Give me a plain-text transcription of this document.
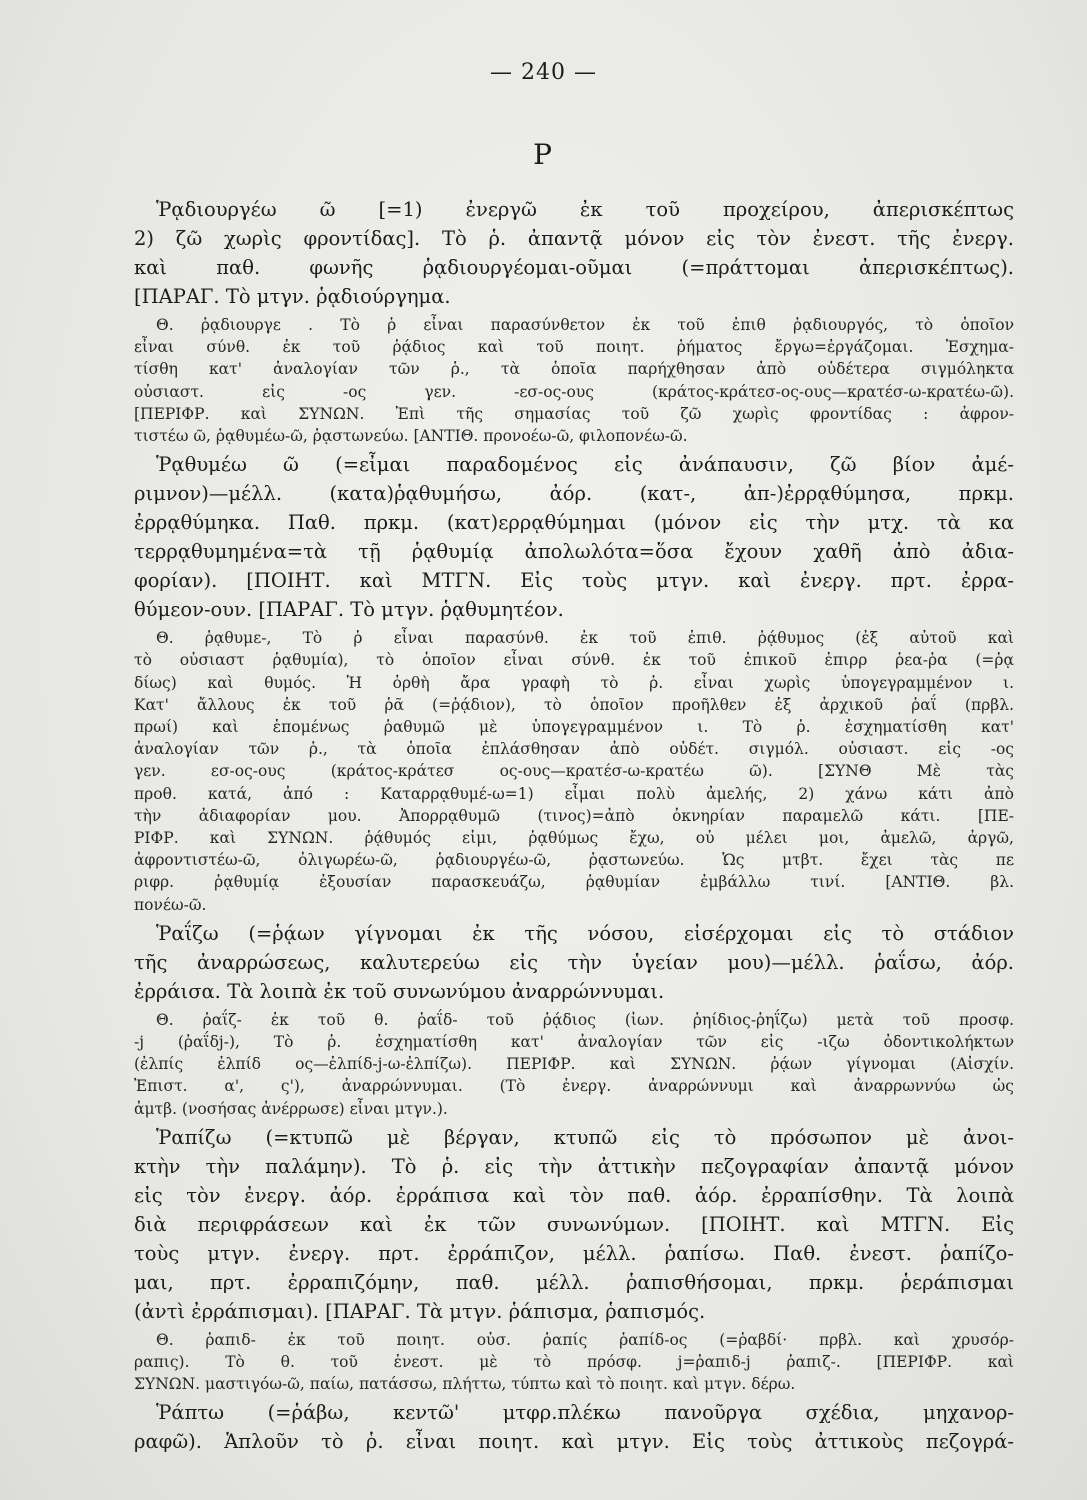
— 240 —
P
Ῥᾳδιουργέω ῶ [=1) ἐνεργῶ ἐκ τοῦ προχείρου, ἀπερισκέπτως
2) ζῶ χωρὶς φροντίδας]. Τὸ ῥ. ἀπαντᾷ μόνον εἰς τὸν ἐνεστ. τῆς ἐνεργ.
καὶ παθ. φωνῆς ῥᾳδιουργέομαι-οῦμαι (=πράττομαι ἀπερισκέπτως).
[ΠΑΡΑΓ. Τὸ μτγν. ῥᾳδιούργημα.
Θ. ῥᾳδιουργε . Τὸ ῥ εἶναι παρασύνθετον ἐκ τοῦ ἐπιθ ῥᾳδιουργός, τὸ ὁποῖον
εἶναι σύνθ. ἐκ τοῦ ῥᾴδιος καὶ τοῦ ποιητ. ῥήματος ἔργω=ἐργάζομαι. Ἐσχημα-
τίσθη κατ' ἀναλογίαν τῶν ῥ., τὰ ὁποῖα παρήχθησαν ἀπὸ οὐδέτερα σιγμόληκτα
οὐσιαστ. εἰς -ος γεν. -εσ-ος-ους (κράτος-κράτεσ-ος-ους—κρατέσ-ω-κρατέω-ῶ).
[ΠΕΡΙΦΡ. καὶ ΣΥΝΩΝ. Ἐπὶ τῆς σημασίας τοῦ ζῶ χωρὶς φροντίδας : ἀφρον-
τιστέω ῶ, ῥᾳθυμέω-ῶ, ῥᾳστωνεύω. [ΑΝΤΙΘ. προνοέω-ῶ, φιλοπονέω-ῶ.
Ῥᾳθυμέω ῶ (=εἶμαι παραδομένος εἰς ἀνάπαυσιν, ζῶ βίον ἀμέ-
ριμνον)—μέλλ. (κατα)ῥᾳθυμήσω, ἀόρ. (κατ-, ἀπ-)ἐρρᾳθύμησα, πρκμ.
ἐρρᾳθύμηκα. Παθ. πρκμ. (κατ)ερρᾳθύμημαι (μόνον εἰς τὴν μτχ. τὰ κα
τερρᾳθυμημένα=τὰ τῇ ῥᾳθυμίᾳ ἀπολωλότα=ὅσα ἔχουν χαθῆ ἀπὸ ἀδια-
φορίαν). [ΠΟΙΗΤ. καὶ ΜΤΓΝ. Εἰς τοὺς μτγν. καὶ ἐνεργ. πρτ. ἐρρα-
θύμεον-ουν. [ΠΑΡΑΓ. Τὸ μτγν. ῥᾳθυμητέον.
Θ. ῥᾳθυμε-, Τὸ ῥ εἶναι παρασύνθ. ἐκ τοῦ ἐπιθ. ῥᾴθυμος (ἐξ αὐτοῦ καὶ
τὸ οὐσιαστ ῥᾳθυμία), τὸ ὁποῖον εἶναι σύνθ. ἐκ τοῦ ἐπικοῦ ἐπιρρ ῥεα-ῥα (=ῥᾳ
δίως) καὶ θυμός. Ἡ ὀρθὴ ἄρα γραφὴ τὸ ῥ. εἶναι χωρὶς ὑπογεγραμμένον ι.
Κατ' ἄλλους ἐκ τοῦ ῥᾶ (=ῥᾴδιον), τὸ ὁποῖον προῆλθεν ἐξ ἀρχικοῦ ῥαΐ (πρβλ.
πρωί) καὶ ἑπομένως ῥαθυμῶ μὲ ὑπογεγραμμένον ι. Τὸ ῥ. ἐσχηματίσθη κατ'
ἀναλογίαν τῶν ῥ., τὰ ὁποῖα ἐπλάσθησαν ἀπὸ οὐδέτ. σιγμόλ. οὐσιαστ. εἰς -ος
γεν. εσ-ος-ους (κράτος-κράτεσ ος-ους—κρατέσ-ω-κρατέω ῶ). [ΣΥΝΘ Μὲ τὰς
προθ. κατά, ἀπό : Καταρρᾳθυμέ-ω=1) εἶμαι πολὺ ἀμελής, 2) χάνω κάτι ἀπὸ
τὴν ἀδιαφορίαν μου. Ἀπορρᾳθυμῶ (τινος)=ἀπὸ ὀκνηρίαν παραμελῶ κάτι. [ΠΕ-
ΡΙΦΡ. καὶ ΣΥΝΩΝ. ῥᾴθυμός εἰμι, ῥᾳθύμως ἔχω, οὐ μέλει μοι, ἀμελῶ, ἀργῶ,
ἀφροντιστέω-ῶ, ὀλιγωρέω-ῶ, ῥᾳδιουργέω-ῶ, ῥᾳστωνεύω. Ὡς μτβτ. ἔχει τὰς πε
ριφρ. ῥᾳθυμίᾳ ἐξουσίαν παρασκευάζω, ῥᾳθυμίαν ἐμβάλλω τινί. [ΑΝΤΙΘ. βλ.
πονέω-ῶ.
Ῥαΐζω (=ῥᾴων γίγνομαι ἐκ τῆς νόσου, εἰσέρχομαι εἰς τὸ στάδιον
τῆς ἀναρρώσεως, καλυτερεύω εἰς τὴν ὑγείαν μου)—μέλλ. ῥαΐσω, ἀόρ.
ἐρράισα. Τὰ λοιπὰ ἐκ τοῦ συνωνύμου ἀναρρώννυμαι.
Θ. ῥαΐζ- ἐκ τοῦ θ. ῥαΐδ- τοῦ ῥᾴδιος (ἰων. ῥηίδιος-ῥηΐζω) μετὰ τοῦ προσφ.
-j (ῥαΐδj-), Τὸ ῥ. ἐσχηματίσθη κατ' ἀναλογίαν τῶν εἰς -ιζω ὀδοντικολήκτων
(ἐλπίς ἐλπίδ ος—ἐλπίδ-j-ω-ἐλπίζω). ΠΕΡΙΦΡ. καὶ ΣΥΝΩΝ. ῥᾴων γίγνομαι (Αἰσχίν.
Ἐπιστ. α', ς'), ἀναρρώννυμαι. (Τὸ ἐνεργ. ἀναρρώννυμι καὶ ἀναρρωννύω ὡς
ἀμτβ. (νοσήσας ἀνέρρωσε) εἶναι μτγν.).
Ῥαπίζω (=κτυπῶ μὲ βέργαν, κτυπῶ εἰς τὸ πρόσωπον μὲ ἀνοι-
κτὴν τὴν παλάμην). Τὸ ῥ. εἰς τὴν ἀττικὴν πεζογραφίαν ἀπαντᾷ μόνον
εἰς τὸν ἐνεργ. ἀόρ. ἐρράπισα καὶ τὸν παθ. ἀόρ. ἐρραπίσθην. Τὰ λοιπὰ
διὰ περιφράσεων καὶ ἐκ τῶν συνωνύμων. [ΠΟΙΗΤ. καὶ ΜΤΓΝ. Εἰς
τοὺς μτγν. ἐνεργ. πρτ. ἐρράπιζον, μέλλ. ῥαπίσω. Παθ. ἐνεστ. ῥαπίζο-
μαι, πρτ. ἐρραπιζόμην, παθ. μέλλ. ῥαπισθήσομαι, πρκμ. ῥεράπισμαι
(ἀντὶ ἐρράπισμαι). [ΠΑΡΑΓ. Τὰ μτγν. ῥάπισμα, ῥαπισμός.
Θ. ῥαπιδ- ἐκ τοῦ ποιητ. οὐσ. ῥαπίς ῥαπίδ-ος (=ῥαβδί· πρβλ. καὶ χρυσόρ-
ραπις). Τὸ θ. τοῦ ἐνεστ. μὲ τὸ πρόσφ. j=ῥαπιδ-j ῥαπιζ-. [ΠΕΡΙΦΡ. καὶ
ΣΥΝΩΝ. μαστιγόω-ῶ, παίω, πατάσσω, πλήττω, τύπτω καὶ τὸ ποιητ. καὶ μτγν. δέρω.
Ῥάπτω (=ῥάβω, κεντῶ' μτφρ.πλέκω πανοῦργα σχέδια, μηχανορ-
ραφῶ). Ἁπλοῦν τὸ ῥ. εἶναι ποιητ. καὶ μτγν. Εἰς τοὺς ἀττικοὺς πεζογρά-
